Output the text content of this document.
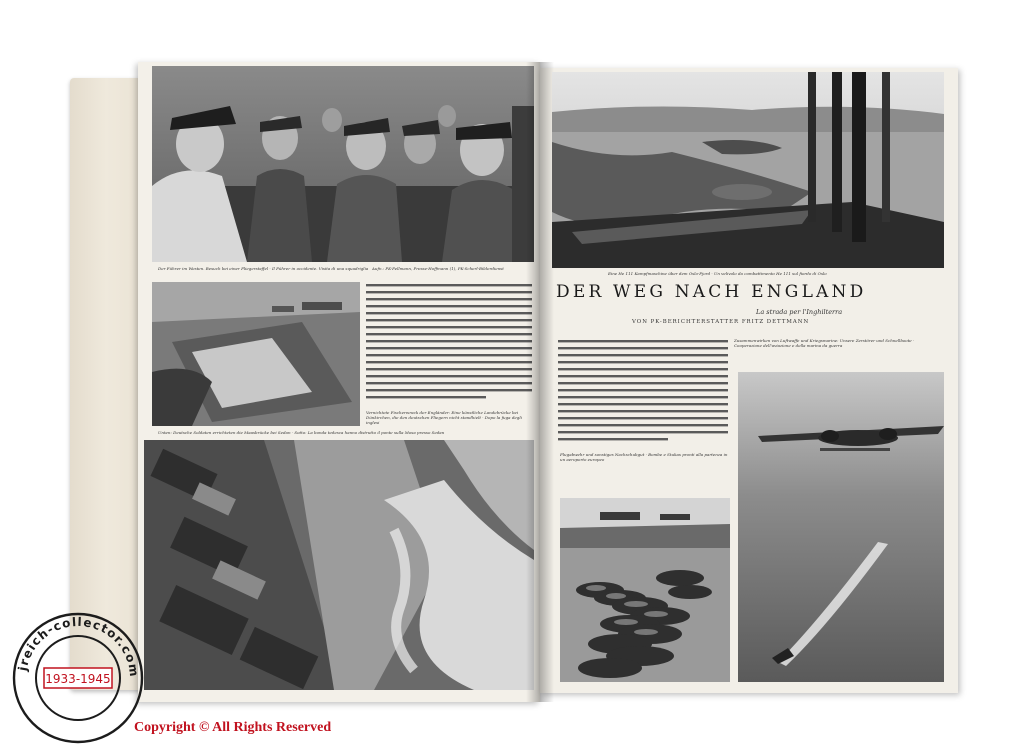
Der Führer im Westen. Besuch bei einer Fliegerstaffel · Il Führer in occidente. Visita di una squadriglia Aufn.: PK-Fellmann, Presse-Hoffmann (1), PK-Scherl-Bilderdienst
Vernichtete Fischerwrack der Engländer: Eine künstliche Landebrücke bei Dünkirchen, die den deutschen Fliegern nicht standhielt · Dopo la fuga degli inglesi
Unten: Deutsche Soldaten errichteten die Maasbrücke bei Sedan · Sotto: La bonda tedesca hanno distrutto il ponte sulla Mosa presso Sedan
Eine He 111 Kampfmaschine über dem Oslo-Fjord · Un velivolo da combattimento He 111 sul fiordo di Oslo
DER WEG NACH ENGLAND
La strada per l'Inghilterra
VON PK-BERICHTERSTATTER FRITZ DETTMANN
Zusammenwirken von Luftwaffe und Kriegsmarine: Unsere Zerstörer und Schnellboote · Cooperazione dell'aviazione e della marina da guerra
Flugabwehr und sonstiges Nachschubgut · Bombe e Stukas pronti alla partenza in un aeroporto europeo
jreich-collector.com
1933-1945
Copyright © All Rights Reserved
